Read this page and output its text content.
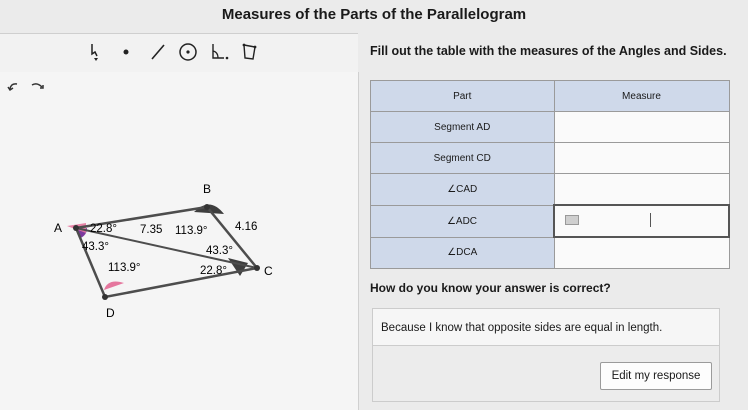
Measures of the Parts of the Parallelogram
A
B
C
D
22.8° 7.35 113.9° 4.16
43.3°	43.3°
113.9°	22.8°
Fill out the table with the measures of the Angles and Sides.
Part	Measure
Segment AD	
Segment CD	
∠CAD	
∠ADC	

∠DCA	
How do you know your answer is correct?
Because I know that opposite sides are equal in length.
Edit my response
